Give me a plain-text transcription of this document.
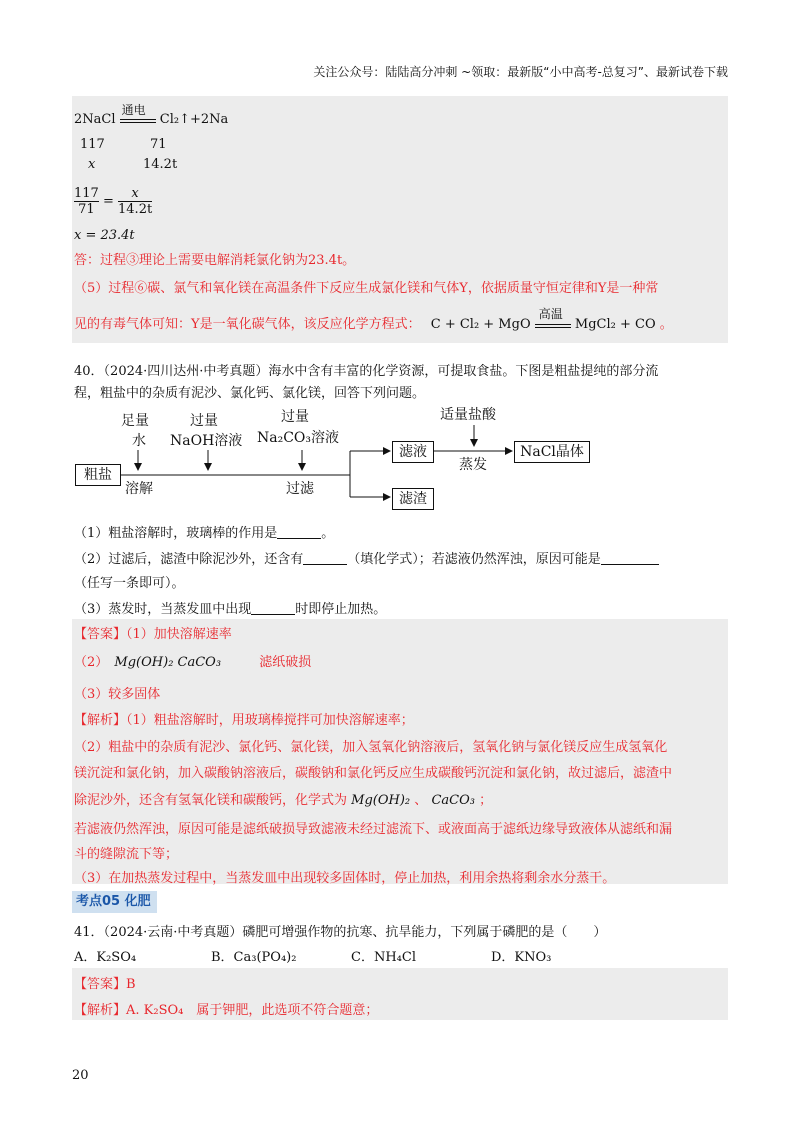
关注公众号：陆陆高分冲刺 ~领取：最新版“小中高考-总复习”、最新试卷下载
2NaCl
通电
Cl₂↑+2Na
117	71
x	14.2t
$\frac{117}{71} = \frac{x}{14.2t}$
x = 23.4t
答：过程③理论上需要电解消耗氯化钠为23.4t。
（5）过程⑥碳、氯气和氧化镁在高温条件下反应生成氯化镁和气体Y，依据质量守恒定律和Y是一种常
见的有毒气体可知：Y是一氧化碳气体，该反应化学方程式： C + Cl₂ + MgO
高温
MgCl₂ + CO 。
40．（2024·四川达州·中考真题）海水中含有丰富的化学资源，可提取食盐。下图是粗盐提纯的部分流
程，粗盐中的杂质有泥沙、氯化钙、氯化镁，回答下列问题。
粗盐
足量
水
溶解
过量
NaOH溶液
过量
Na₂CO₃溶液
过滤
滤液
滤渣
适量盐酸
蒸发
NaCl晶体
（1）粗盐溶解时，玻璃棒的作用是	。
（2）过滤后，滤渣中除泥沙外，还含有	（填化学式）；若滤液仍然浑浊，原因可能是
（任写一条即可）。
（3）蒸发时，当蒸发皿中出现	时即停止加热。
【答案】（1）加快溶解速率
（2） Mg(OH)₂ CaCO₃	滤纸破损
（3）较多固体
【解析】（1）粗盐溶解时，用玻璃棒搅拌可加快溶解速率；
（2）粗盐中的杂质有泥沙、氯化钙、氯化镁，加入氢氧化钠溶液后，氢氧化钠与氯化镁反应生成氢氧化
镁沉淀和氯化钠，加入碳酸钠溶液后，碳酸钠和氯化钙反应生成碳酸钙沉淀和氯化钠，故过滤后，滤渣中
除泥沙外，还含有氢氧化镁和碳酸钙，化学式为 Mg(OH)₂ 、 CaCO₃ ；
若滤液仍然浑浊，原因可能是滤纸破损导致滤液未经过滤流下、或液面高于滤纸边缘导致液体从滤纸和漏
斗的缝隙流下等；
（3）在加热蒸发过程中，当蒸发皿中出现较多固体时，停止加热，利用余热将剩余水分蒸干。
考点05 化肥
41．（2024·云南·中考真题）磷肥可增强作物的抗寒、抗旱能力，下列属于磷肥的是（　　）
A．K₂SO₄	B．Ca₃(PO₄)₂	C．NH₄Cl	D．KNO₃
【答案】B
【解析】A. K₂SO₄　属于钾肥，此选项不符合题意；
20
